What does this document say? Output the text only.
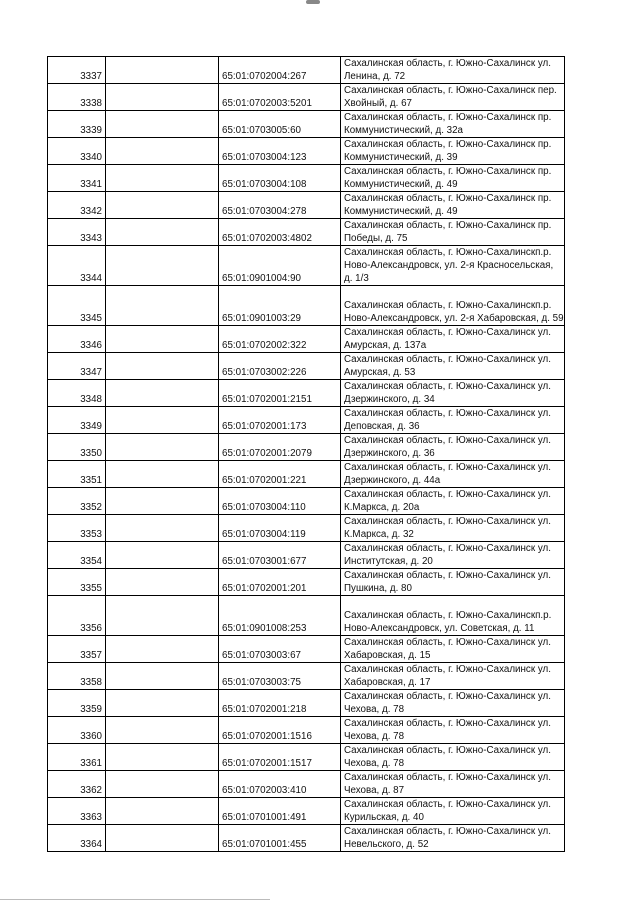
3337		65:01:0702004:267	Сахалинская область, г. Южно-Сахалинск ул.
Ленина, д. 72

3338		65:01:0702003:5201	Сахалинская область, г. Южно-Сахалинск пер.
Хвойный, д. 67

3339		65:01:0703005:60	Сахалинская область, г. Южно-Сахалинск пр.
Коммунистический, д. 32а

3340		65:01:0703004:123	Сахалинская область, г. Южно-Сахалинск пр.
Коммунистический, д. 39

3341		65:01:0703004:108	Сахалинская область, г. Южно-Сахалинск пр.
Коммунистический, д. 49

3342		65:01:0703004:278	Сахалинская область, г. Южно-Сахалинск пр.
Коммунистический, д. 49

3343		65:01:0702003:4802	Сахалинская область, г. Южно-Сахалинск пр.
Победы, д. 75

3344		65:01:0901004:90	Сахалинская область, г. Южно-Сахалинскп.р.
Ново-Александровск, ул. 2-я Красносельская,
д. 1/3

3345		65:01:0901003:29	Сахалинская область, г. Южно-Сахалинскп.р.
Ново-Александровск, ул. 2-я Хабаровская, д. 59

3346		65:01:0702002:322	Сахалинская область, г. Южно-Сахалинск ул.
Амурская, д. 137а

3347		65:01:0703002:226	Сахалинская область, г. Южно-Сахалинск ул.
Амурская, д. 53

3348		65:01:0702001:2151	Сахалинская область, г. Южно-Сахалинск ул.
Дзержинского, д. 34

3349		65:01:0702001:173	Сахалинская область, г. Южно-Сахалинск ул.
Деповская, д. 36

3350		65:01:0702001:2079	Сахалинская область, г. Южно-Сахалинск ул.
Дзержинского, д. 36

3351		65:01:0702001:221	Сахалинская область, г. Южно-Сахалинск ул.
Дзержинского, д. 44а

3352		65:01:0703004:110	Сахалинская область, г. Южно-Сахалинск ул.
К.Маркса, д. 20а

3353		65:01:0703004:119	Сахалинская область, г. Южно-Сахалинск ул.
К.Маркса, д. 32

3354		65:01:0703001:677	Сахалинская область, г. Южно-Сахалинск ул.
Институтская, д. 20

3355		65:01:0702001:201	Сахалинская область, г. Южно-Сахалинск ул.
Пушкина, д. 80

3356		65:01:0901008:253	Сахалинская область, г. Южно-Сахалинскп.р.
Ново-Александровск, ул. Советская, д. 11

3357		65:01:0703003:67	Сахалинская область, г. Южно-Сахалинск ул.
Хабаровская, д. 15

3358		65:01:0703003:75	Сахалинская область, г. Южно-Сахалинск ул.
Хабаровская, д. 17

3359		65:01:0702001:218	Сахалинская область, г. Южно-Сахалинск ул.
Чехова, д. 78

3360		65:01:0702001:1516	Сахалинская область, г. Южно-Сахалинск ул.
Чехова, д. 78

3361		65:01:0702001:1517	Сахалинская область, г. Южно-Сахалинск ул.
Чехова, д. 78

3362		65:01:0702003:410	Сахалинская область, г. Южно-Сахалинск ул.
Чехова, д. 87

3363		65:01:0701001:491	Сахалинская область, г. Южно-Сахалинск ул.
Курильская, д. 40

3364		65:01:0701001:455	Сахалинская область, г. Южно-Сахалинск ул.
Невельского, д. 52
